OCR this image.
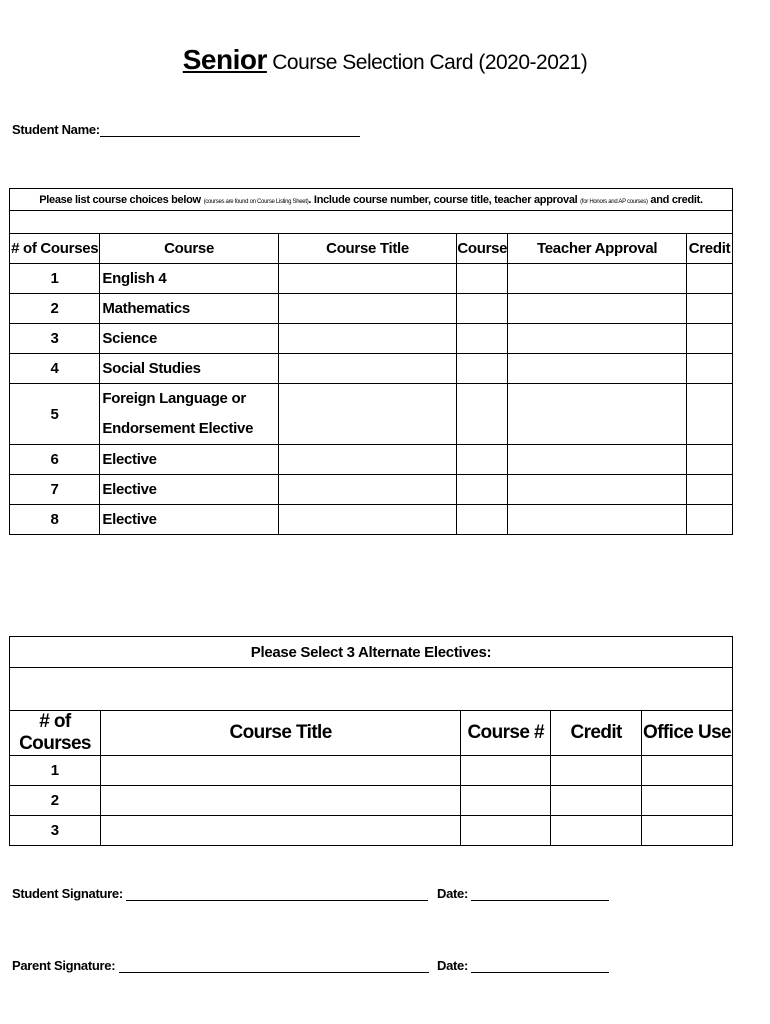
Senior Course Selection Card (2020-2021)
Student Name:
Please list course choices below (courses are found on Course Listing Sheet). Include course number, course title, teacher approval (for Honors and AP courses) and credit.					

# of Courses	Course	Course Title	Course	Teacher Approval	Credit
1	English 4				
2	Mathematics				
3	Science				
4	Social Studies				
5	Foreign Language or
Endorsement Elective				
6	Elective				
7	Elective				
8	Elective				
Please Select 3 Alternate Electives:				

# of Courses	Course Title	Course #	Credit	Office Use
1				
2				
3				
Student Signature:	Date:
Parent Signature:	Date:
